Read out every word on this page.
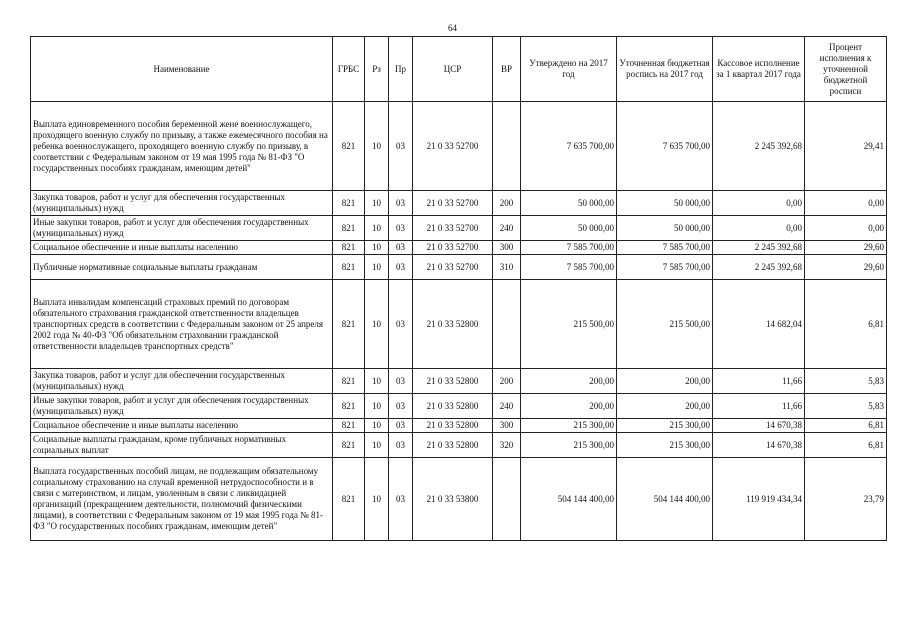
64
Наименование	ГРБС	Рз	Пр	ЦСР	ВР	Утверждено на 2017 год	Уточненная бюджетная роспись на 2017 год	Кассовое исполнение за 1 квартал 2017 года	Процент исполнения к уточненной бюджетной росписи
Выплата единовременного пособия беременной жене военнослужащего, проходящего военную службу по призыву, а также ежемесячного пособия на ребенка военнослужащего, проходящего военную службу по призыву, в соответствии с Федеральным законом от 19 мая 1995 года № 81-ФЗ "О государственных пособиях гражданам, имеющим детей"	821	10	03	21 0 33 52700		7 635 700,00	7 635 700,00	2 245 392,68	29,41
Закупка товаров, работ и услуг для обеспечения государственных (муниципальных) нужд	821	10	03	21 0 33 52700	200	50 000,00	50 000,00	0,00	0,00
Иные закупки товаров, работ и услуг для обеспечения государственных (муниципальных) нужд	821	10	03	21 0 33 52700	240	50 000,00	50 000,00	0,00	0,00
Социальное обеспечение и иные выплаты населению	821	10	03	21 0 33 52700	300	7 585 700,00	7 585 700,00	2 245 392,68	29,60
Публичные нормативные социальные выплаты гражданам	821	10	03	21 0 33 52700	310	7 585 700,00	7 585 700,00	2 245 392,68	29,60
Выплата инвалидам компенсаций страховых премий по договорам обязательного страхования гражданской ответственности владельцев транспортных средств в соответствии с Федеральным законом от 25 апреля 2002 года № 40-ФЗ "Об обязательном страховании гражданской ответственности владельцев транспортных средств"	821	10	03	21 0 33 52800		215 500,00	215 500,00	14 682,04	6,81
Закупка товаров, работ и услуг для обеспечения государственных (муниципальных) нужд	821	10	03	21 0 33 52800	200	200,00	200,00	11,66	5,83
Иные закупки товаров, работ и услуг для обеспечения государственных (муниципальных) нужд	821	10	03	21 0 33 52800	240	200,00	200,00	11,66	5,83
Социальное обеспечение и иные выплаты населению	821	10	03	21 0 33 52800	300	215 300,00	215 300,00	14 670,38	6,81
Социальные выплаты гражданам, кроме публичных нормативных социальных выплат	821	10	03	21 0 33 52800	320	215 300,00	215 300,00	14 670,38	6,81
Выплата государственных пособий лицам, не подлежащим обязательному социальному страхованию на случай временной нетрудоспособности и в связи с материнством, и лицам, уволенным в связи с ликвидацией организаций (прекращением деятельности, полномочий физическими лицами), в соответствии с Федеральным законом от 19 мая 1995 года № 81-ФЗ "О государственных пособиях гражданам, имеющим детей"	821	10	03	21 0 33 53800		504 144 400,00	504 144 400,00	119 919 434,34	23,79
